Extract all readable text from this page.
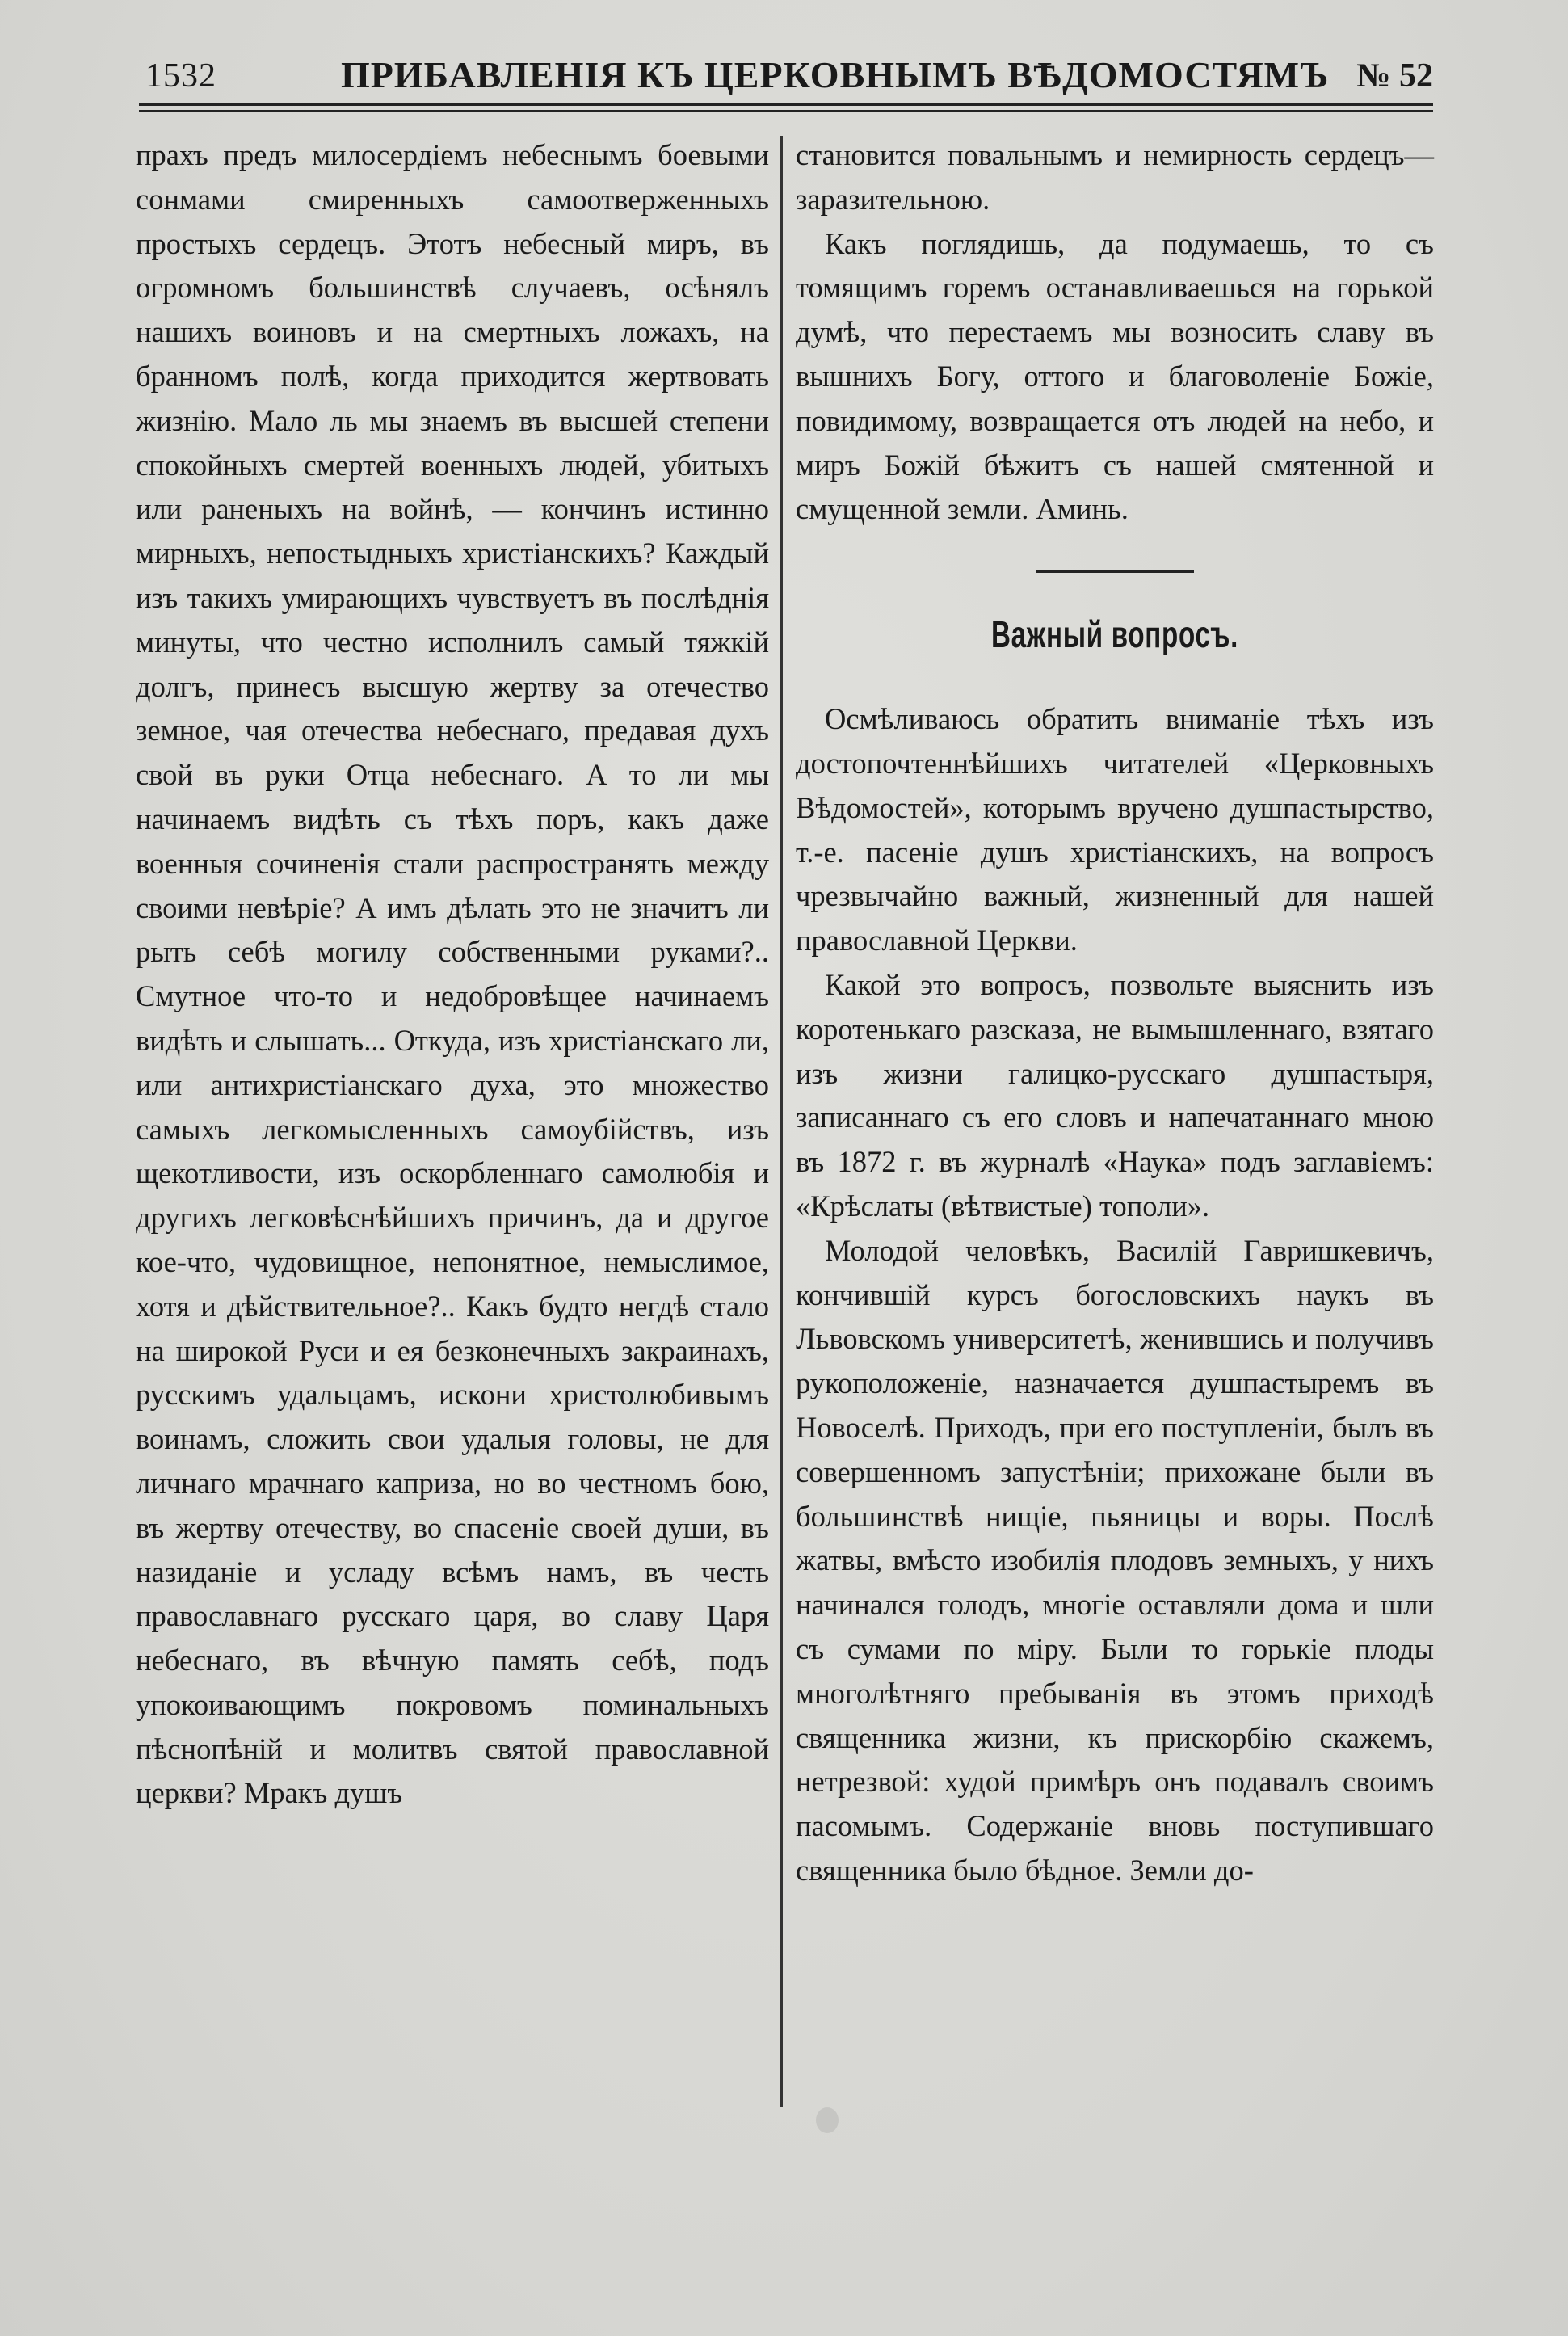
1532	ПРИБАВЛЕНІЯ КЪ ЦЕРКОВНЫМЪ ВѢДОМОСТЯМЪ № 52

прахъ предъ милосердіемъ небеснымъ боевыми сонмами смиренныхъ самоотверженныхъ простыхъ сердецъ. Этотъ небесный миръ, въ огромномъ большинствѣ случаевъ, осѣнялъ нашихъ воиновъ и на смертныхъ ложахъ, на бранномъ полѣ, когда приходится жертвовать жизнію. Мало ль мы знаемъ въ высшей степени спокойныхъ смертей военныхъ людей, убитыхъ или раненыхъ на войнѣ, — кончинъ истинно мирныхъ, непостыдныхъ христіанскихъ? Каждый изъ такихъ умирающихъ чувствуетъ въ послѣднія минуты, что честно исполнилъ самый тяжкій долгъ, принесъ высшую жертву за отечество земное, чая отечества небеснаго, предавая духъ свой въ руки Отца небеснаго. А то ли мы начинаемъ видѣть съ тѣхъ поръ, какъ даже военныя сочиненія стали распространять между своими невѣріе? А имъ дѣлать это не значитъ ли рыть себѣ могилу собственными руками?.. Смутное что-то и недобровѣщее начинаемъ видѣть и слышать... Откуда, изъ христіанскаго ли, или антихристіанскаго духа, это множество самыхъ легкомысленныхъ самоубійствъ, изъ щекотливости, изъ оскорбленнаго самолюбія и другихъ легковѣснѣйшихъ причинъ, да и другое кое-что, чудовищное, непонятное, немыслимое, хотя и дѣйствительное?.. Какъ будто негдѣ стало на широкой Руси и ея безконечныхъ закраинахъ, русскимъ удальцамъ, искони христолюбивымъ воинамъ, сложить свои удалыя головы, не для личнаго мрачнаго каприза, но во честномъ бою, въ жертву отечеству, во спасеніе своей души, въ назиданіе и усладу всѣмъ намъ, въ честь православнаго русскаго царя, во славу Царя небеснаго, въ вѣчную память себѣ, подъ упокоивающимъ покровомъ поминальныхъ пѣснопѣній и молитвъ святой православной церкви? Мракъ душъ

становится повальнымъ и немирность сердецъ—заразительною.

Какъ поглядишь, да подумаешь, то съ томящимъ горемъ останавливаешься на горькой думѣ, что перестаемъ мы возносить славу въ вышнихъ Богу, оттого и благоволеніе Божіе, повидимому, возвращается отъ людей на небо, и миръ Божій бѣжитъ съ нашей смятенной и смущенной земли. Аминь.

Важный вопросъ.

Осмѣливаюсь обратить вниманіе тѣхъ изъ достопочтеннѣйшихъ читателей «Церковныхъ Вѣдомостей», которымъ вручено душпастырство, т.-е. пасеніе душъ христіанскихъ, на вопросъ чрезвычайно важный, жизненный для нашей православной Церкви.

Какой это вопросъ, позвольте выяснить изъ коротенькаго разсказа, не вымышленнаго, взятаго изъ жизни галицко-русскаго душпастыря, записаннаго съ его словъ и напечатаннаго мною въ 1872 г. въ журналѣ «Наука» подъ заглавіемъ: «Крѣслаты (вѣтвистые) тополи».

Молодой человѣкъ, Василій Гавришкевичъ, кончившій курсъ богословскихъ наукъ въ Львовскомъ университетѣ, женившись и получивъ рукоположеніе, назначается душпастыремъ въ Новоселѣ. Приходъ, при его поступленіи, былъ въ совершенномъ запустѣніи; прихожане были въ большинствѣ нищіе, пьяницы и воры. Послѣ жатвы, вмѣсто изобилія плодовъ земныхъ, у нихъ начинался голодъ, многіе оставляли дома и шли съ сумами по міру. Были то горькіе плоды многолѣтняго пребыванія въ этомъ приходѣ священника жизни, къ прискорбію скажемъ, нетрезвой: худой примѣръ онъ подавалъ своимъ пасомымъ. Содержаніе вновь поступившаго священника было бѣдное. Земли до-
